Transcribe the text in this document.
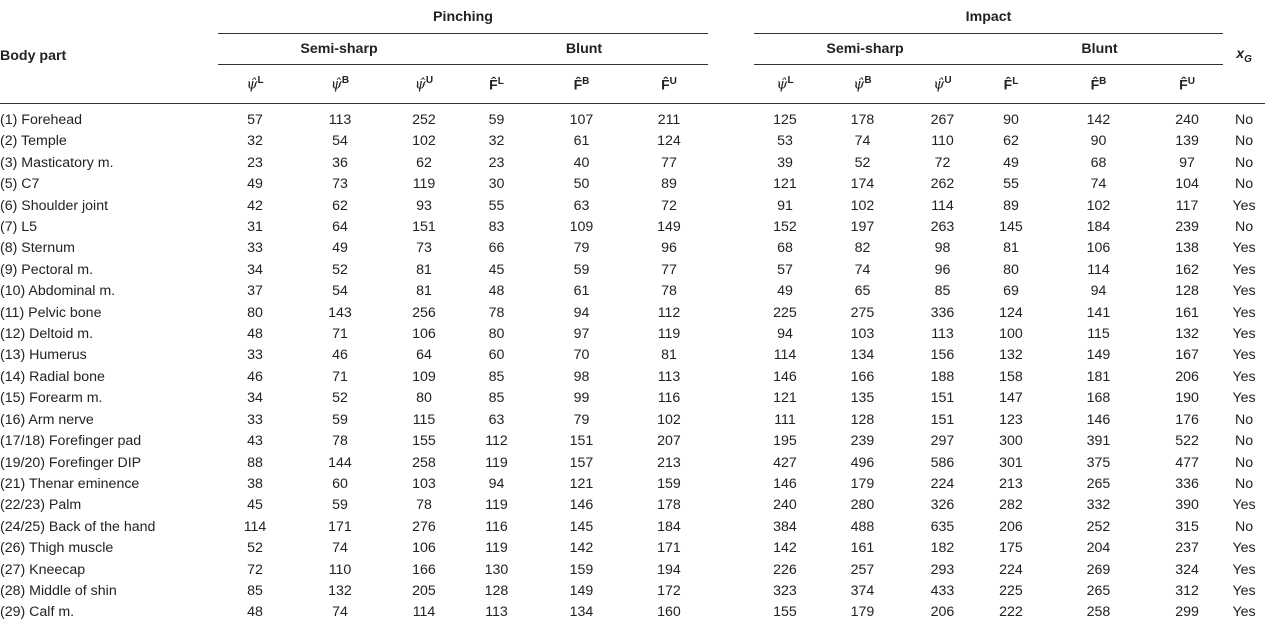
Body part	Pinching							Impact						$x_G$
	Semi-sharp			Blunt				Semi-sharp			Blunt			
	ψ̂$^L$	ψ̂$^B$	ψ̂$^U$	F̂$^L$	F̂$^B$	F̂$^U$		ψ̂$^L$	ψ̂$^B$	ψ̂$^U$	F̂$^L$	F̂$^B$	F̂$^U$

(1) Forehead	57	113	252	59	107	211		125	178	267	90	142	240	No
(2) Temple	32	54	102	32	61	124		53	74	110	62	90	139	No
(3) Masticatory m.	23	36	62	23	40	77		39	52	72	49	68	97	No
(5) C7	49	73	119	30	50	89		121	174	262	55	74	104	No
(6) Shoulder joint	42	62	93	55	63	72		91	102	114	89	102	117	Yes
(7) L5	31	64	151	83	109	149		152	197	263	145	184	239	No
(8) Sternum	33	49	73	66	79	96		68	82	98	81	106	138	Yes
(9) Pectoral m.	34	52	81	45	59	77		57	74	96	80	114	162	Yes
(10) Abdominal m.	37	54	81	48	61	78		49	65	85	69	94	128	Yes
(11) Pelvic bone	80	143	256	78	94	112		225	275	336	124	141	161	Yes
(12) Deltoid m.	48	71	106	80	97	119		94	103	113	100	115	132	Yes
(13) Humerus	33	46	64	60	70	81		114	134	156	132	149	167	Yes
(14) Radial bone	46	71	109	85	98	113		146	166	188	158	181	206	Yes
(15) Forearm m.	34	52	80	85	99	116		121	135	151	147	168	190	Yes
(16) Arm nerve	33	59	115	63	79	102		111	128	151	123	146	176	No
(17/18) Forefinger pad	43	78	155	112	151	207		195	239	297	300	391	522	No
(19/20) Forefinger DIP	88	144	258	119	157	213		427	496	586	301	375	477	No
(21) Thenar eminence	38	60	103	94	121	159		146	179	224	213	265	336	No
(22/23) Palm	45	59	78	119	146	178		240	280	326	282	332	390	Yes
(24/25) Back of the hand	114	171	276	116	145	184		384	488	635	206	252	315	No
(26) Thigh muscle	52	74	106	119	142	171		142	161	182	175	204	237	Yes
(27) Kneecap	72	110	166	130	159	194		226	257	293	224	269	324	Yes
(28) Middle of shin	85	132	205	128	149	172		323	374	433	225	265	312	Yes
(29) Calf m.	48	74	114	113	134	160		155	179	206	222	258	299	Yes
